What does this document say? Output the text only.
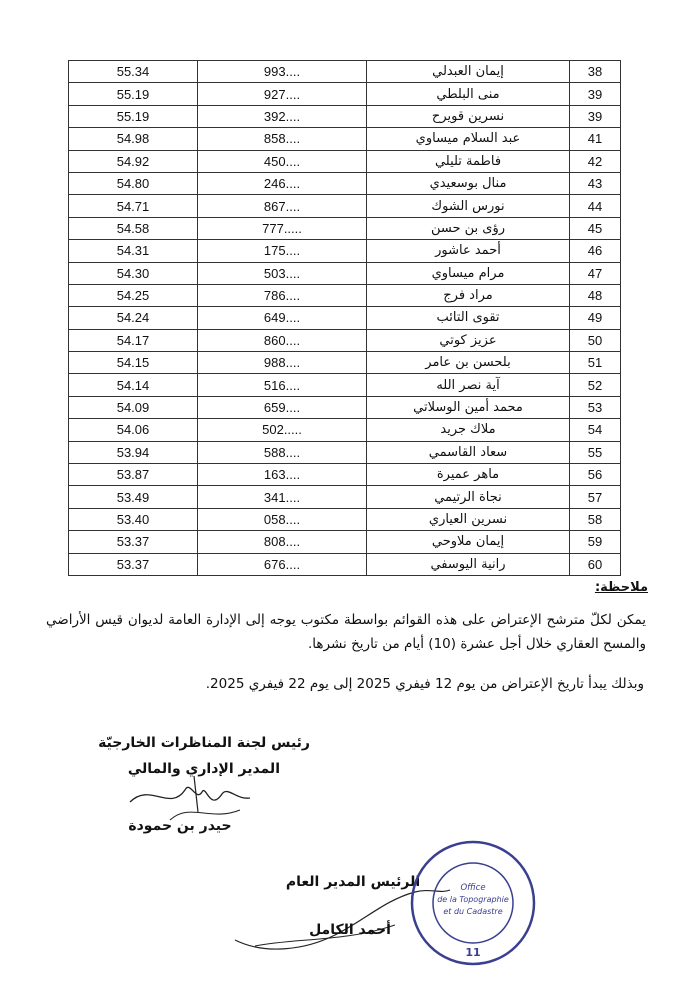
55.34	993....	إيمان العبدلي	38
55.19	927....	منى البلطي	39
55.19	392....	نسرين قويرح	39
54.98	858....	عبد السلام ميساوي	41
54.92	450....	فاطمة تليلي	42
54.80	246....	منال بوسعيدي	43
54.71	867....	نورس الشوك	44
54.58	777.....	رؤى بن حسن	45
54.31	175....	أحمد عاشور	46
54.30	503....	مرام ميساوي	47
54.25	786....	مراد فرج	48
54.24	649....	تقوى التائب	49
54.17	860....	عزيز كوتي	50
54.15	988....	بلحسن بن عامر	51
54.14	516....	آية نصر الله	52
54.09	659....	محمد أمين الوسلاتي	53
54.06	502.....	ملاك جريد	54
53.94	588....	سعاد القاسمي	55
53.87	163....	ماهر عميرة	56
53.49	341....	نجاة الرتيمي	57
53.40	058....	نسرين العياري	58
53.37	808....	إيمان ملاوحي	59
53.37	676....	رانية اليوسفي	60
ملاحظة:
يمكن لكلّ مترشح الإعتراض على هذه القوائم بواسطة مكتوب يوجه إلى الإدارة العامة لديوان قيس الأراضي والمسح العقاري خلال أجل عشرة (10) أيام من تاريخ نشرها.
وبذلك يبدأ تاريخ الإعتراض من يوم 12 فيفري 2025 إلى يوم 22 فيفري 2025.
رئيس لجنة المناظرات الخارجيّة
المدير الإداري والمالي
حيدر بن حمودة
الرئيس المدير العام
أحمد الكامل
Office
de la Topographie
et du Cadastre
11
